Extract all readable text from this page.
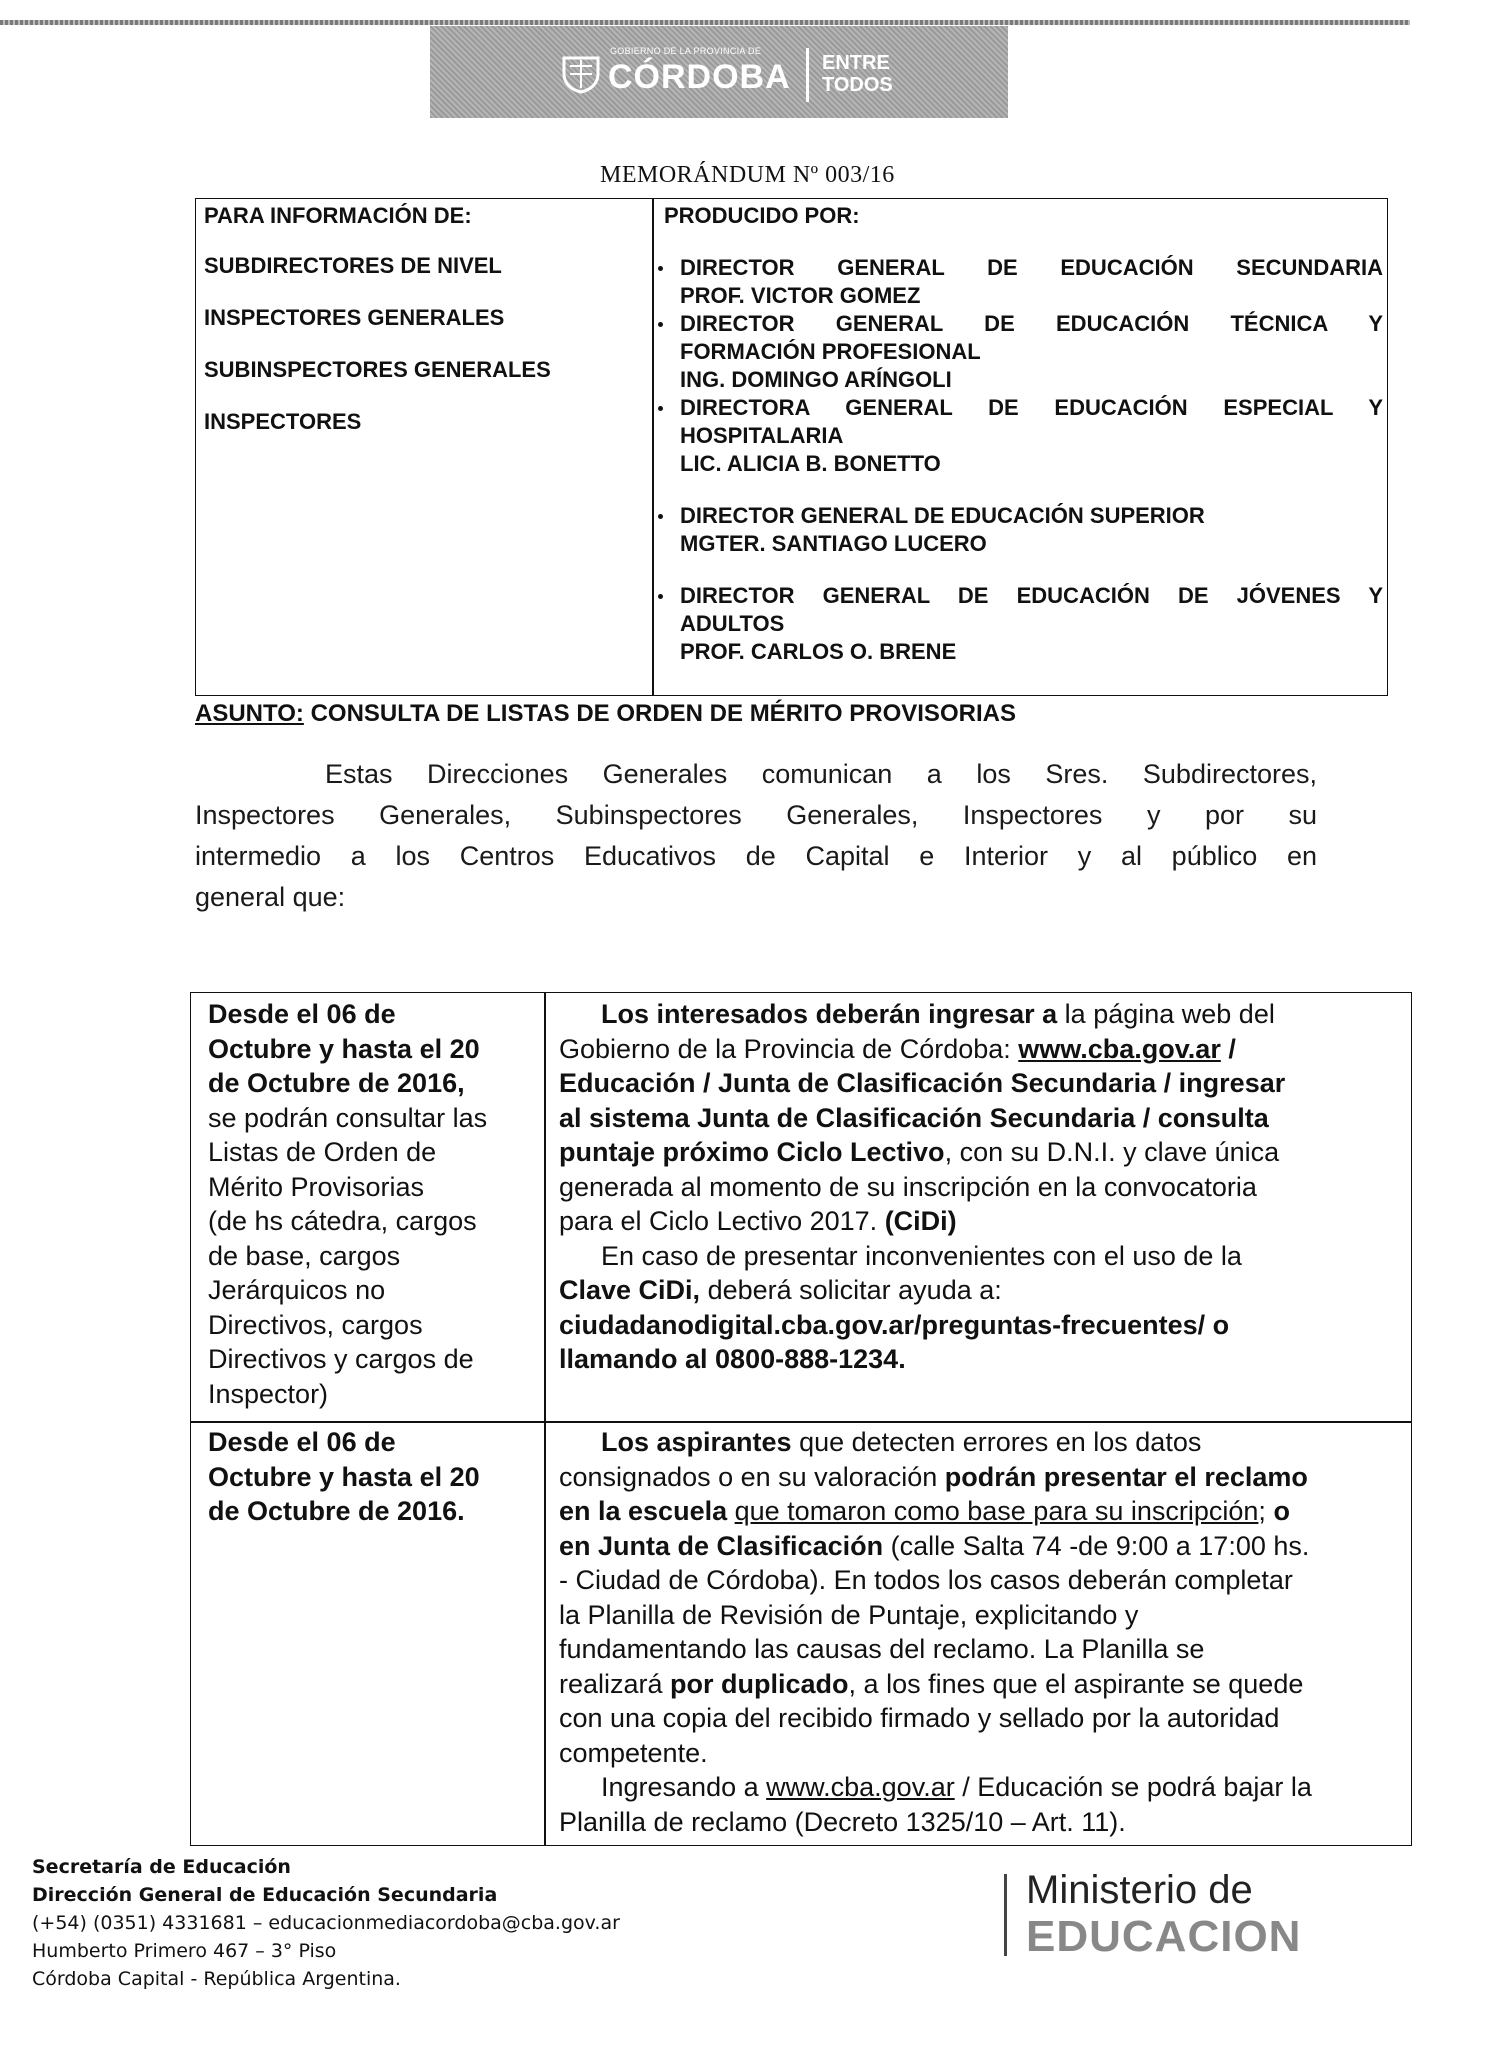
GOBIERNO DE LA PROVINCIA DE
CÓRDOBA ENTRE
TODOS
MEMORÁNDUM Nº 003/16
PARA INFORMACIÓN DE:	PRODUCIDO POR:
SUBDIRECTORES DE NIVEL
INSPECTORES GENERALES
SUBINSPECTORES GENERALES
INSPECTORES
DIRECTOR GENERAL DE EDUCACIÓN SECUNDARIA
PROF. VICTOR GOMEZ
DIRECTOR GENERAL DE EDUCACIÓN TÉCNICA Y
FORMACIÓN PROFESIONAL
ING. DOMINGO ARÍNGOLI
DIRECTORA GENERAL DE EDUCACIÓN ESPECIAL Y
HOSPITALARIA
LIC. ALICIA B. BONETTO
DIRECTOR GENERAL DE EDUCACIÓN SUPERIOR
MGTER. SANTIAGO LUCERO
DIRECTOR GENERAL DE EDUCACIÓN DE JÓVENES Y
ADULTOS
PROF. CARLOS O. BRENE
ASUNTO: CONSULTA DE LISTAS DE ORDEN DE MÉRITO PROVISORIAS
Estas Direcciones Generales comunican a los Sres. Subdirectores,
Inspectores Generales, Subinspectores Generales, Inspectores y por su
intermedio a los Centros Educativos de Capital e Interior y al público en
general que:
Desde el 06 de
Octubre y hasta el 20
de Octubre de 2016,
se podrán consultar las
Listas de Orden de
Mérito Provisorias
(de hs cátedra, cargos
de base, cargos
Jerárquicos no
Directivos, cargos
Directivos y cargos de
Inspector)
Los interesados deberán ingresar a la página web del
Gobierno de la Provincia de Córdoba: www.cba.gov.ar /
Educación / Junta de Clasificación Secundaria / ingresar
al sistema Junta de Clasificación Secundaria / consulta
puntaje próximo Ciclo Lectivo, con su D.N.I. y clave única
generada al momento de su inscripción en la convocatoria
para el Ciclo Lectivo 2017. (CiDi)
En caso de presentar inconvenientes con el uso de la
Clave CiDi, deberá solicitar ayuda a:
ciudadanodigital.cba.gov.ar/preguntas-frecuentes/ o
llamando al 0800-888-1234.
Desde el 06 de
Octubre y hasta el 20
de Octubre de 2016.
Los aspirantes que detecten errores en los datos
consignados o en su valoración podrán presentar el reclamo
en la escuela que tomaron como base para su inscripción; o
en Junta de Clasificación (calle Salta 74 -de 9:00 a 17:00 hs.
- Ciudad de Córdoba). En todos los casos deberán completar
la Planilla de Revisión de Puntaje, explicitando y
fundamentando las causas del reclamo. La Planilla se
realizará por duplicado, a los fines que el aspirante se quede
con una copia del recibido firmado y sellado por la autoridad
competente.
Ingresando a www.cba.gov.ar / Educación se podrá bajar la
Planilla de reclamo (Decreto 1325/10 – Art. 11).
Secretaría de Educación
Dirección General de Educación Secundaria
(+54) (0351) 4331681 – educacionmediacordoba@cba.gov.ar
Humberto Primero 467 – 3° Piso
Córdoba Capital - República Argentina.
Ministerio de
EDUCACION
